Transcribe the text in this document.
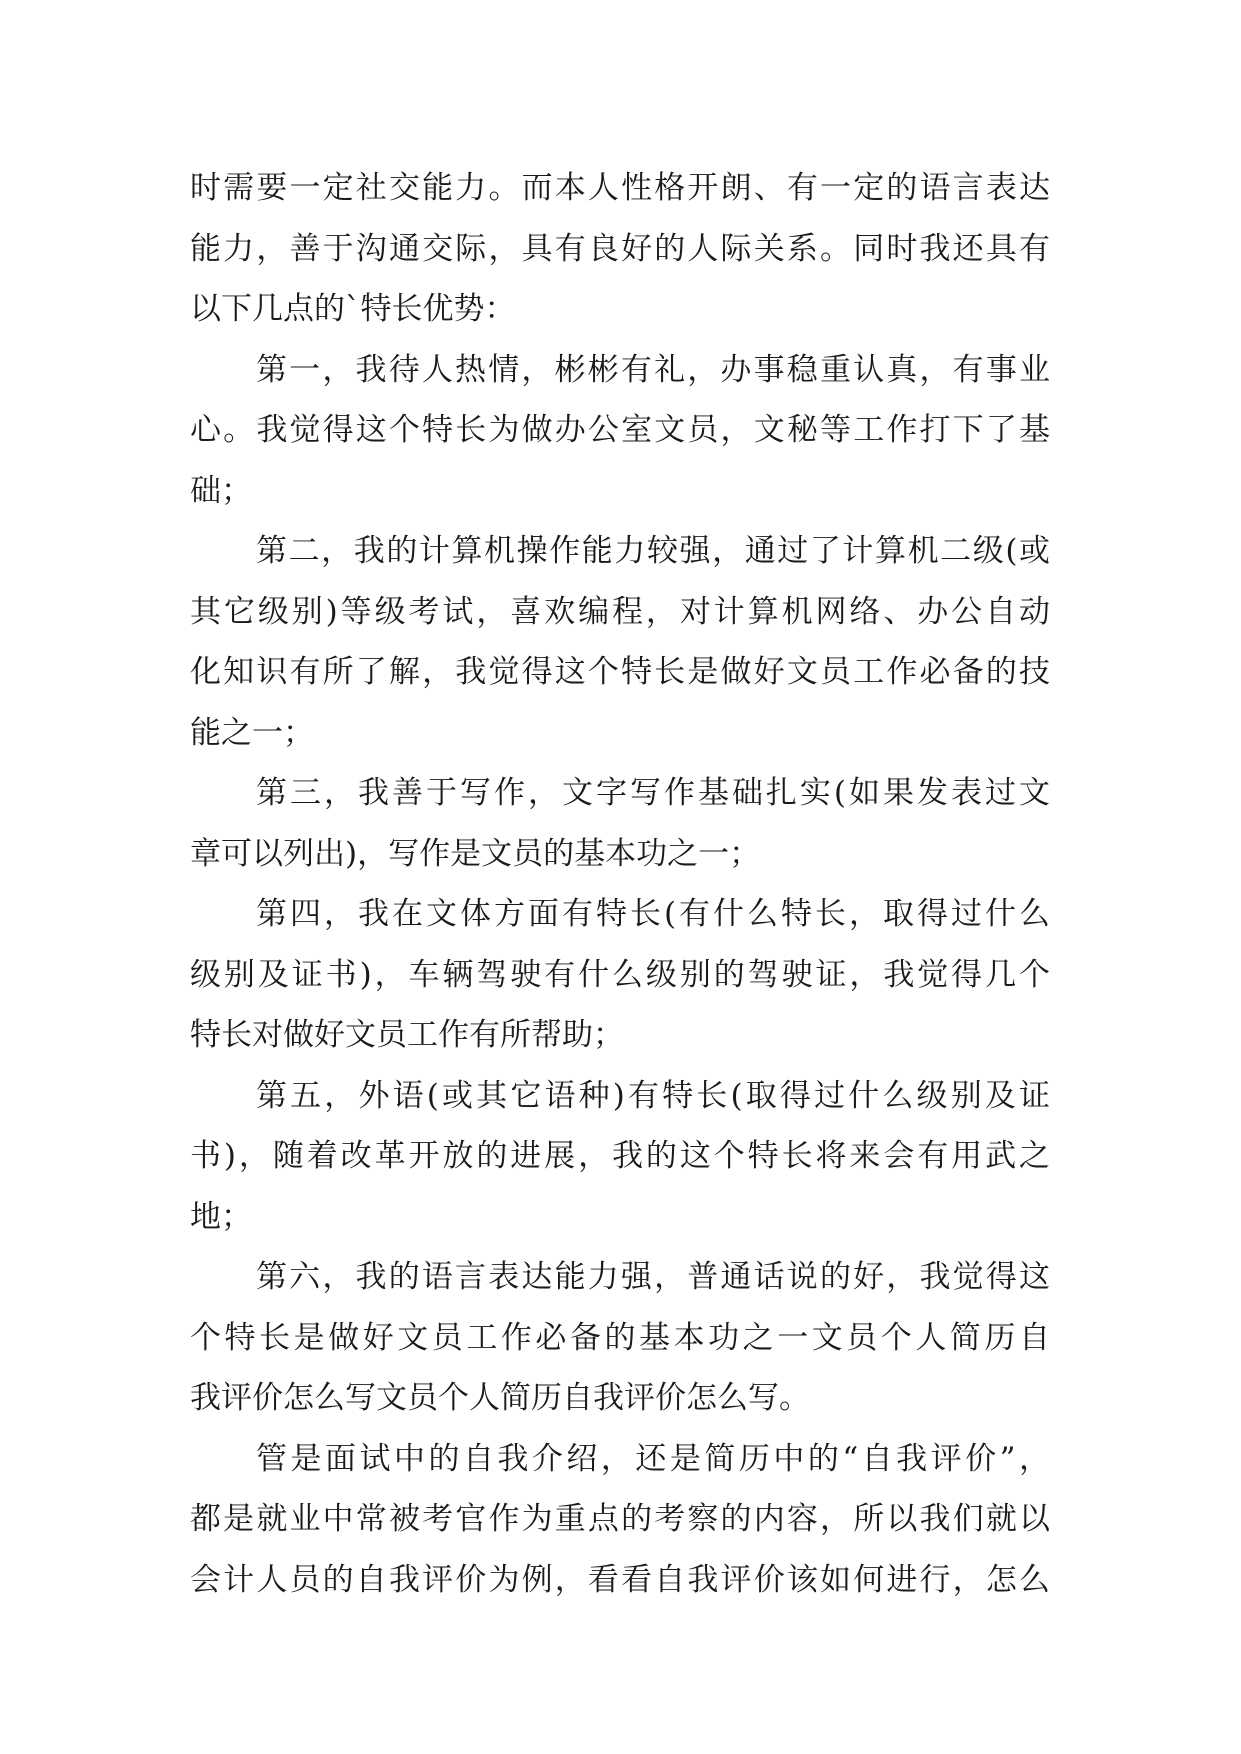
时需要一定社交能力。而本人性格开朗、有一定的语言表达
能力，善于沟通交际，具有良好的人际关系。同时我还具有
以下几点的`特长优势：
第一，我待人热情，彬彬有礼，办事稳重认真，有事业
心。我觉得这个特长为做办公室文员，文秘等工作打下了基
础；
第二，我的计算机操作能力较强，通过了计算机二级(或
其它级别)等级考试，喜欢编程，对计算机网络、办公自动
化知识有所了解，我觉得这个特长是做好文员工作必备的技
能之一；
第三，我善于写作，文字写作基础扎实(如果发表过文
章可以列出)，写作是文员的基本功之一；
第四，我在文体方面有特长(有什么特长，取得过什么
级别及证书)，车辆驾驶有什么级别的驾驶证，我觉得几个
特长对做好文员工作有所帮助；
第五，外语(或其它语种)有特长(取得过什么级别及证
书)，随着改革开放的进展，我的这个特长将来会有用武之
地；
第六，我的语言表达能力强，普通话说的好，我觉得这
个特长是做好文员工作必备的基本功之一文员个人简历自
我评价怎么写文员个人简历自我评价怎么写。
管是面试中的自我介绍，还是简历中的“自我评价”，
都是就业中常被考官作为重点的考察的内容，所以我们就以
会计人员的自我评价为例，看看自我评价该如何进行，怎么
